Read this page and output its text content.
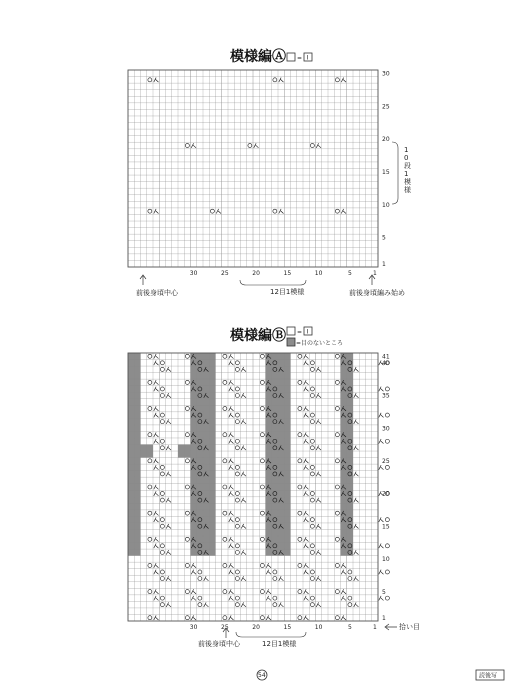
模様編Ⓐ = I
30
25
20
15
10
5
1
30	25	20	15	10	5	1
前後身頃中心	12目1模様	前後身頃編み始め
1 0 段 1 模様
模様編Ⓑ = I
=目のないところ
41
40
35
30
25
20
15
10
5
1
30	25	20	15	10	5	1
前後身頃中心	12目1模様
拾い目
54	読後写
